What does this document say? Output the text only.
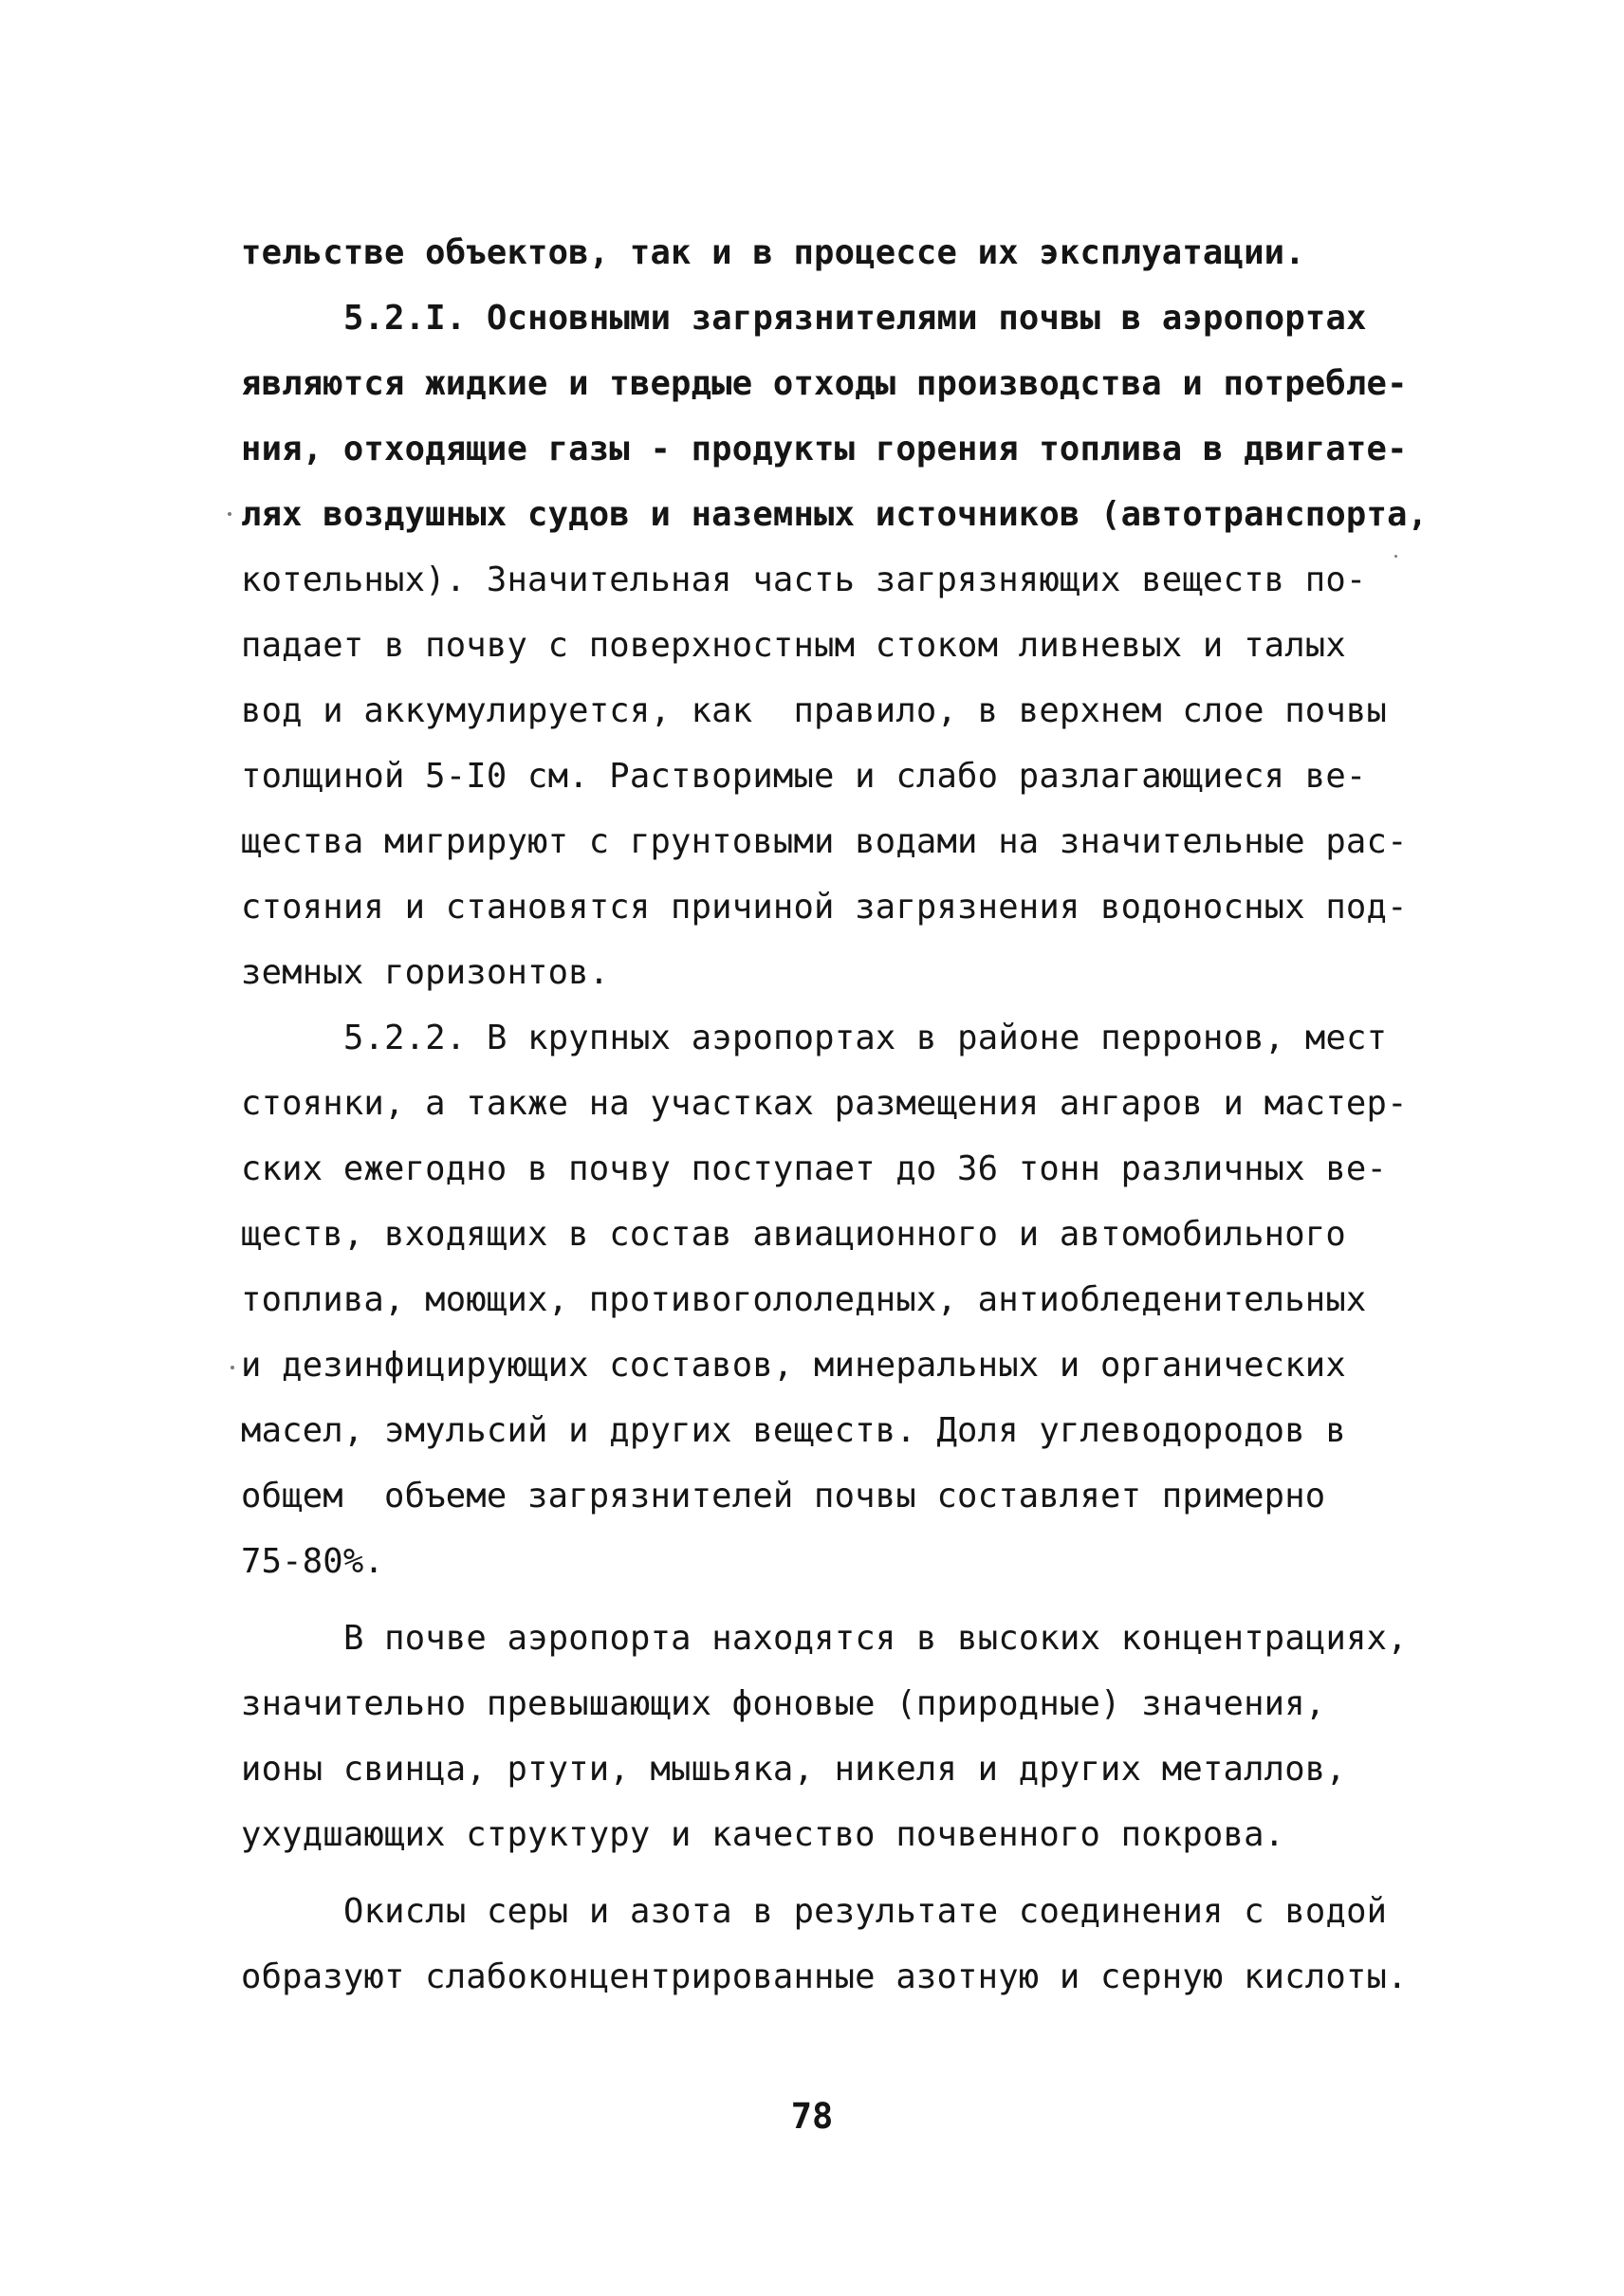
тельстве объектов, так и в процессе их эксплуатации.
5.2.I. Основными загрязнителями почвы в аэропортах
являются жидкие и твердые отходы производства и потребле-
ния, отходящие газы - продукты горения топлива в двигате-
лях воздушных судов и наземных источников (автотранспорта,
котельных). Значительная часть загрязняющих веществ по-
падает в почву с поверхностным стоком ливневых и талых
вод и аккумулируется, как  правило, в верхнем слое почвы
толщиной 5-I0 см. Растворимые и слабо разлагающиеся ве-
щества мигрируют с грунтовыми водами на значительные рас-
стояния и становятся причиной загрязнения водоносных под-
земных горизонтов.
5.2.2. В крупных аэропортах в районе перронов, мест
стоянки, а также на участках размещения ангаров и мастер-
ских ежегодно в почву поступает до 36 тонн различных ве-
ществ, входящих в состав авиационного и автомобильного
топлива, моющих, противогололедных, антиобледенительных
и дезинфицирующих составов, минеральных и органических
масел, эмульсий и других веществ. Доля углеводородов в
общем  объеме загрязнителей почвы составляет примерно
75-80%.
В почве аэропорта находятся в высоких концентрациях,
значительно превышающих фоновые (природные) значения,
ионы свинца, ртути, мышьяка, никеля и других металлов,
ухудшающих структуру и качество почвенного покрова.
Окислы серы и азота в результате соединения с водой
образуют слабоконцентрированные азотную и серную кислоты.
78
